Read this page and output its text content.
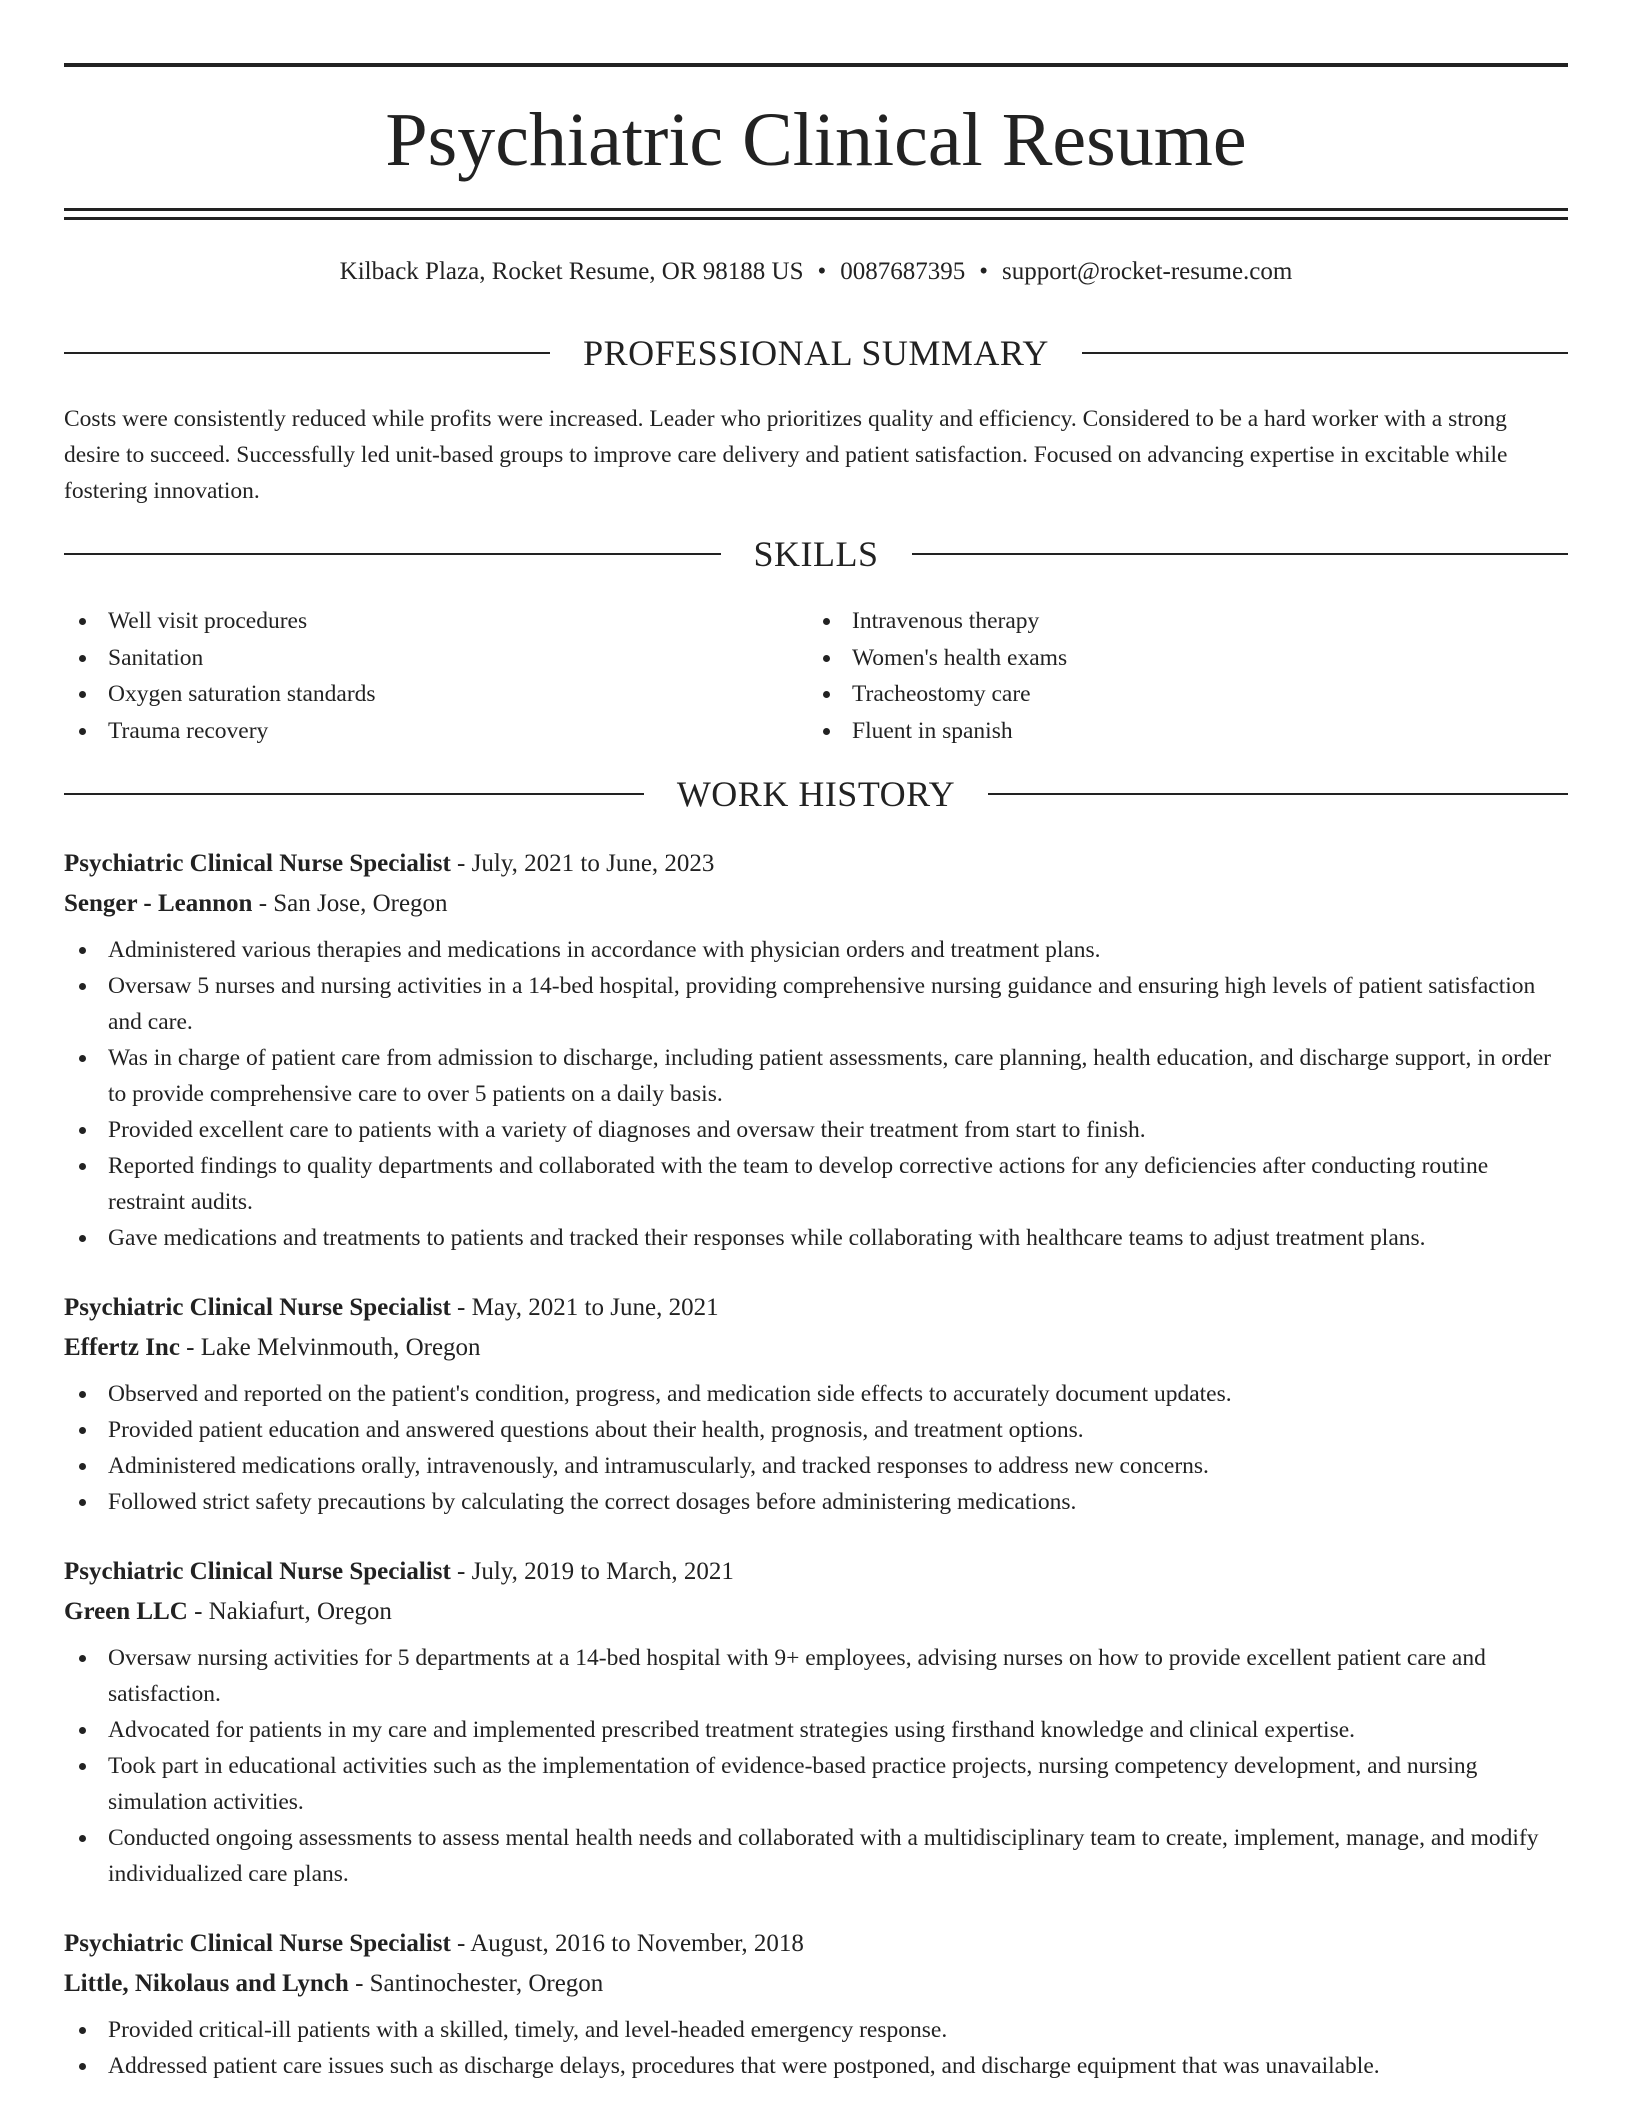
Psychiatric Clinical Resume
Kilback Plaza, Rocket Resume, OR 98188 US • 0087687395 • support@rocket-resume.com
PROFESSIONAL SUMMARY

Costs were consistently reduced while profits were increased. Leader who prioritizes quality and efficiency. Considered to be a hard worker with a strong desire to succeed. Successfully led unit-based groups to improve care delivery and patient satisfaction. Focused on advancing expertise in excitable while fostering innovation.

SKILLS
Well visit procedures
Sanitation
Oxygen saturation standards
Trauma recovery
Intravenous therapy
Women's health exams
Tracheostomy care
Fluent in spanish
WORK HISTORY
Psychiatric Clinical Nurse Specialist - July, 2021 to June, 2023
Senger - Leannon - San Jose, Oregon
Administered various therapies and medications in accordance with physician orders and treatment plans.
Oversaw 5 nurses and nursing activities in a 14-bed hospital, providing comprehensive nursing guidance and ensuring high levels of patient satisfaction and care.
Was in charge of patient care from admission to discharge, including patient assessments, care planning, health education, and discharge support, in order to provide comprehensive care to over 5 patients on a daily basis.
Provided excellent care to patients with a variety of diagnoses and oversaw their treatment from start to finish.
Reported findings to quality departments and collaborated with the team to develop corrective actions for any deficiencies after conducting routine restraint audits.
Gave medications and treatments to patients and tracked their responses while collaborating with healthcare teams to adjust treatment plans.
Psychiatric Clinical Nurse Specialist - May, 2021 to June, 2021
Effertz Inc - Lake Melvinmouth, Oregon
Observed and reported on the patient's condition, progress, and medication side effects to accurately document updates.
Provided patient education and answered questions about their health, prognosis, and treatment options.
Administered medications orally, intravenously, and intramuscularly, and tracked responses to address new concerns.
Followed strict safety precautions by calculating the correct dosages before administering medications.
Psychiatric Clinical Nurse Specialist - July, 2019 to March, 2021
Green LLC - Nakiafurt, Oregon
Oversaw nursing activities for 5 departments at a 14-bed hospital with 9+ employees, advising nurses on how to provide excellent patient care and satisfaction.
Advocated for patients in my care and implemented prescribed treatment strategies using firsthand knowledge and clinical expertise.
Took part in educational activities such as the implementation of evidence-based practice projects, nursing competency development, and nursing simulation activities.
Conducted ongoing assessments to assess mental health needs and collaborated with a multidisciplinary team to create, implement, manage, and modify individualized care plans.
Psychiatric Clinical Nurse Specialist - August, 2016 to November, 2018
Little, Nikolaus and Lynch - Santinochester, Oregon
Provided critical-ill patients with a skilled, timely, and level-headed emergency response.
Addressed patient care issues such as discharge delays, procedures that were postponed, and discharge equipment that was unavailable.
